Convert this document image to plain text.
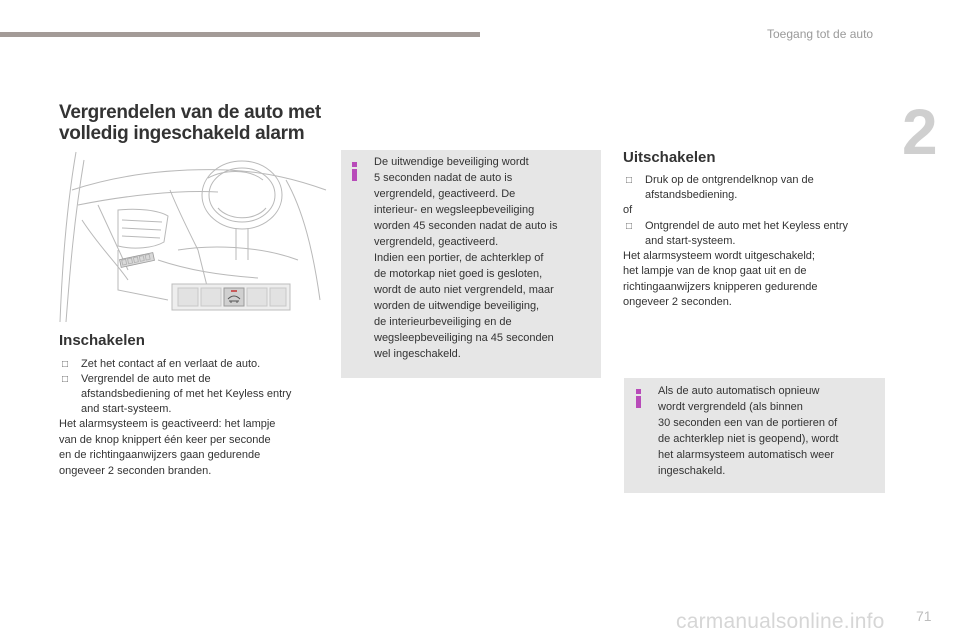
Toegang tot de auto
2
Vergrendelen van de auto met
volledig ingeschakeld alarm
Inschakelen
□ Zet het contact af en verlaat de auto.
□ Vergrendel de auto met de
afstandsbediening of met het Keyless entry
and start-systeem.
Het alarmsysteem is geactiveerd: het lampje
van de knop knippert één keer per seconde
en de richtingaanwijzers gaan gedurende
ongeveer 2 seconden branden.
De uitwendige beveiliging wordt
5 seconden nadat de auto is
vergrendeld, geactiveerd. De
interieur- en wegsleepbeveiliging
worden 45 seconden nadat de auto is
vergrendeld, geactiveerd.
Indien een portier, de achterklep of
de motorkap niet goed is gesloten,
wordt de auto niet vergrendeld, maar
worden de uitwendige beveiliging,
de interieurbeveiliging en de
wegsleepbeveiliging na 45 seconden
wel ingeschakeld.
Uitschakelen
□ Druk op de ontgrendelknop van de
afstandsbediening.
of
□ Ontgrendel de auto met het Keyless entry
and start-systeem.
Het alarmsysteem wordt uitgeschakeld;
het lampje van de knop gaat uit en de
richtingaanwijzers knipperen gedurende
ongeveer 2 seconden.
Als de auto automatisch opnieuw
wordt vergrendeld (als binnen
30 seconden een van de portieren of
de achterklep niet is geopend), wordt
het alarmsysteem automatisch weer
ingeschakeld.
carmanualsonline.info 71
